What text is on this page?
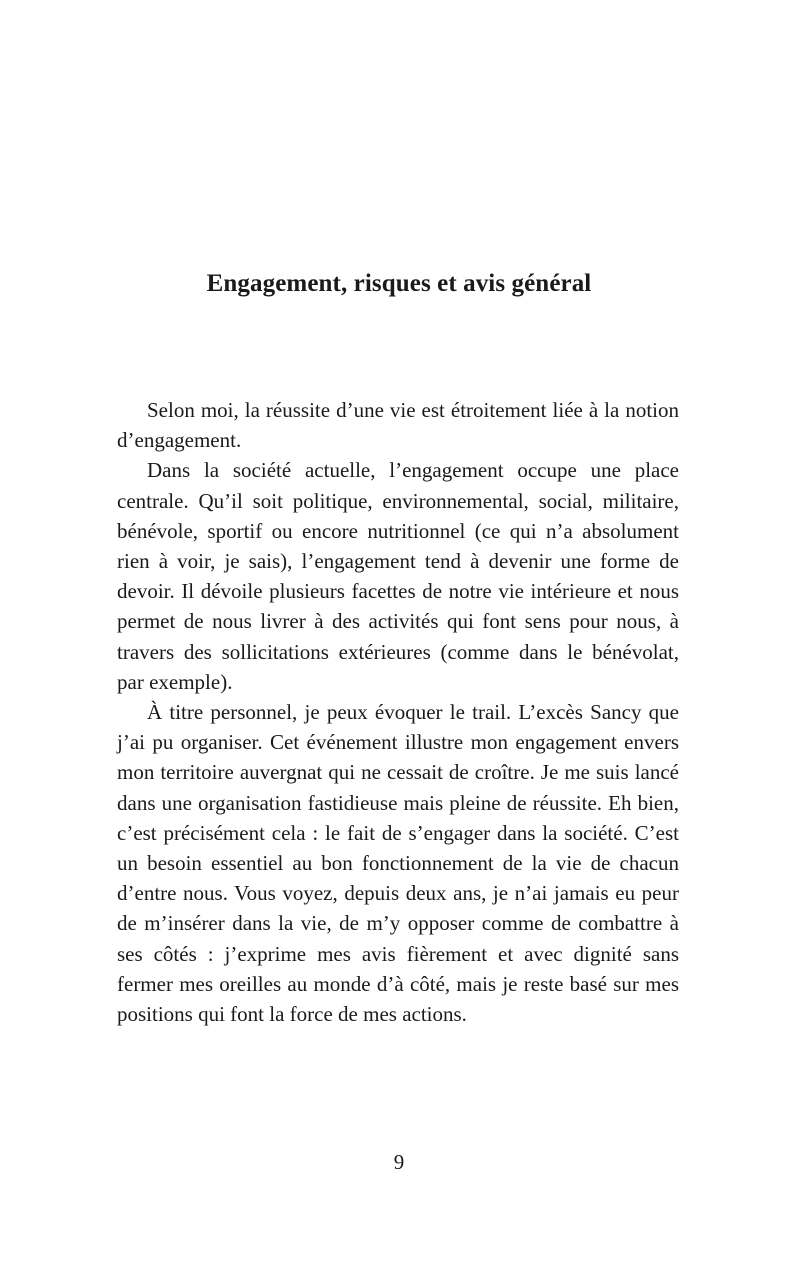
Engagement, risques et avis général

Selon moi, la réussite d’une vie est étroitement liée à la notion d’engagement.

Dans la société actuelle, l’engagement occupe une place centrale. Qu’il soit politique, environnemental, social, militaire, bénévole, sportif ou encore nutritionnel (ce qui n’a absolument rien à voir, je sais), l’engagement tend à devenir une forme de devoir. Il dévoile plusieurs facettes de notre vie intérieure et nous permet de nous livrer à des activités qui font sens pour nous, à travers des sollicitations extérieures (comme dans le bénévolat, par exemple).

À titre personnel, je peux évoquer le trail. L’excès Sancy que j’ai pu organiser. Cet événement illustre mon engagement envers mon territoire auvergnat qui ne cessait de croître. Je me suis lancé dans une organisation fastidieuse mais pleine de réussite. Eh bien, c’est précisément cela : le fait de s’engager dans la société. C’est un besoin essentiel au bon fonctionnement de la vie de chacun d’entre nous. Vous voyez, depuis deux ans, je n’ai jamais eu peur de m’insérer dans la vie, de m’y opposer comme de combattre à ses côtés : j’exprime mes avis fièrement et avec dignité sans fermer mes oreilles au monde d’à côté, mais je reste basé sur mes positions qui font la force de mes actions.

9
